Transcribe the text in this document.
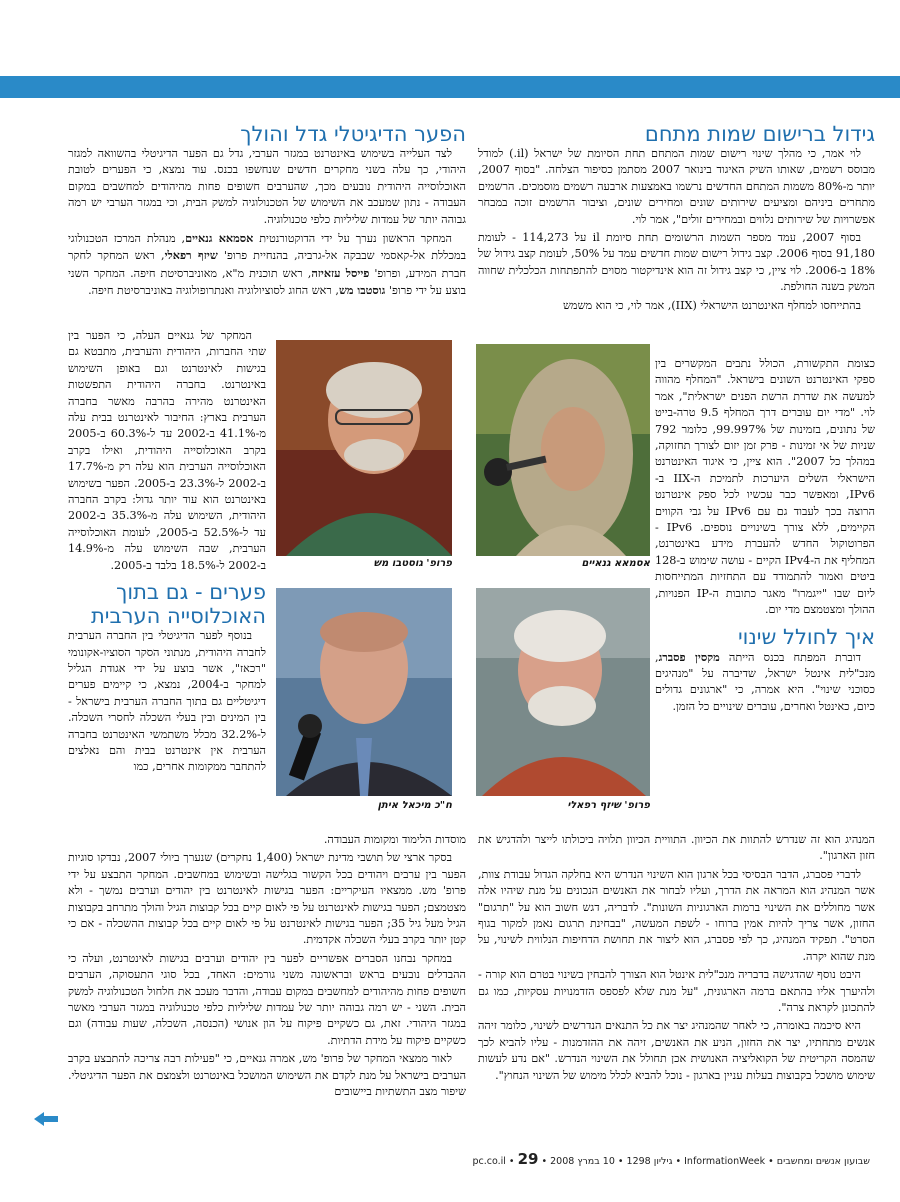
גידול ברישום שמות מתחם

לוי אמר, כי מהלך שינוי רישום שמות המתחם תחת הסיומת של ישראל (il.) למודל מבוסס רשמים, שאותו השיק האיגוד בינואר 2007 מסתמן כסיפור הצלחה. "בסוף 2007, יותר מ-80% משמות המתחם החדשים נרשמו באמצעות ארבעה רשמים מוסמכים. הרשמים מתחרים ביניהם ומציעים שירותים שונים ומחירים שונים, וציבור הרשמים זוכה במבחר אפשרויות של שירותים נלווים ובמחירים זולים", אמר לוי.

בסוף 2007, עמד מספר השמות הרשומים תחת סיומת il על 114,273 - לעומת 91,180 בסוף 2006. קצב גידול רישום שמות חדשים עמד על 50%, לעומת קצב גידול של 18% ב-2006. לוי ציין, כי קצב גידול זה הוא אינדיקטור מסוים להתפתחות הכלכלית שחווה המשק בשנה החולפת.

בהתייחסו למחלף האינטרנט הישראלי (IIX), אמר לוי, כי הוא משמש

כצומת התקשורת, הכולל נתבים המקשרים בין ספקי האינטרנט השונים בישראל. "המחלף מהווה למעשה את שדרת הרשת הפנים ישראלית", אמר לוי. "מדי יום עוברים דרך המחלף 9.5 טרה-בייט של נתונים, בזמינות של 99.997%, כלומר 792 שניות של אי זמינות - פרק זמן יזום לצורך תחזוקה, במהלך כל 2007". הוא ציין, כי איגוד האינטרנט הישראלי השלים היערכות לתמיכת ה-IIX ב-IPv6, ומאפשר כבר עכשיו לכל ספק אינטרנט הרוצה בכך לעבוד גם עם IPv6 על גבי הקווים הקיימים, ללא צורך בשינויים נוספים. IPv6 - הפרוטוקול החדש להעברת מידע באינטרנט, המחליף את ה-IPv4 הקיים - עושה שימוש ב-128 ביטים ואמור להתמודד עם התחזיות המתייחסות ליום שבו "ייגמרו" מאגר כתובות ה-IP הפנויות, ההולך ומצטמצם מדי יום.

איך לחולל שינוי

דוברת המפתח בכנס הייתה מקסין פסברג, מנכ"לית אינטל ישראל, שדיברה על "מנהיגים כסוכני שינוי". היא אמרה, כי "ארגונים גדולים כיום, כאינטל ואחרים, עוברים שינויים כל הזמן.

המנהיג הוא זה שנדרש להתוות את הכיוון. התוויית הכיוון תלויה ביכולתו לייצר ולהדגיש את חזון הארגון".

לדברי פסברג, הדבר הבסיסי בכל ארגון הוא השינוי הנדרש היא בחלקה הגדול עבודת צוות, אשר המנהיג הוא המראה את הדרך, ועליו לבחור את האנשים הנכונים על מנת שיהיו אלה אשר מחוללים את השינוי ברמות הארגוניות השונות". לדבריה, דגש חשוב הוא על "תרגום" החזון, אשר צריך להיות אמין ברוחו - לשפת המעשה, "בבחינת תרגום נאמן למקור בגוף הסרט". תפקיד המנהיג, כך לפי פסברג, הוא ליצור את תחושת הדחיפות הנלווית לשינוי, על מנת שהוא יקרה.

היבט נוסף שהדגישה בדבריה מנכ"לית אינטל הוא הצורך להבחין בשינוי בטרם הוא קורה - ולהיערך אליו בהתאם ברמה הארגונית, "על מנת שלא לפספס הזדמנויות עסקיות, כמו גם להתכונן לקראת צרה".

היא סיכמה באומרה, כי לאחר שהמנהיג יצר את כל התנאים הנדרשים לשינוי, כלומר זיהה אנשים מתחתיו, יצר את החזון, הניע את האנשים, זיהה את ההזדמנות - עליו להביא לכך שהמסה הקריטית של הקואליציה האנושית אכן תחולל את השינוי הנדרש. "אם נדע לעשות שימוש מושכל בקבוצות בעלות עניין בארגון - נוכל להביא לכלל מימוש של השינוי הנחוץ".

הפער הדיגיטלי גדל והולך

לצד העלייה בשימוש באינטרנט במגזר הערבי, גדל גם הפער הדיגיטלי בהשוואה למגזר היהודי, כך עלה בשני מחקרים חדשים שנחשפו בכנס. עוד נמצא, כי הפערים לטובת האוכלוסייה היהודית נובעים מכך, שהערבים חשופים פחות מהיהודים למחשבים במקום העבודה - נתון שמעכב את השימוש של הטכנולוגיה למשק הבית, וכי במגזר הערבי יש רמה גבוהה יותר של עמדות שליליות כלפי טכנולוגיה.

המחקר הראשון נערך על ידי הדוקטורנטית אסמאא גנאיים, מנהלת המרכז הטכנולוגי במכללת אל-קאסמי שבבקה אל-גרביה, בהנחיית פרופ' שיזף רפאלי, ראש המחקר לחקר חברת המידע, ופרופ' פייסל עזאיזה, ראש תוכנית מ"א, מאוניברסיטת חיפה. המחקר השני בוצע על ידי פרופ' גוסטבו מש, ראש החוג לסוציולוגיה ואנתרופולוגיה באוניברסיטת חיפה.

המחקר של גנאיים העלה, כי הפער בין שתי החברות, היהודית והערבית, מתבטא גם בגישות לאינטרנט וגם באופן השימוש באינטרנט. בחברה היהודית התפשטות האינטרנט מהירה בהרבה מאשר בחברה הערבית בארץ: החיבור לאינטרנט בבית עלה מ-41.1% ב-2002 עד ל-60.3% ב-2005 בקרב האוכלוסייה היהודית, ואילו בקרב האוכלוסייה הערבית הוא עלה רק מ-17.7% ב-2002 ל-23.3% ב-2005. הפער בשימוש באינטרנט הוא עוד יותר גדול: בקרב החברה היהודית, השימוש עלה מ-35.3% ב-2002 עד ל-52.5% ב-2005, לעומת האוכלוסייה הערבית, שבה השימוש עלה מ-14.9% ב-2002 ל-18.5% בלבד ב-2005.

פערים - גם בתוך האוכלוסייה הערבית

בנוסף לפער הדיגיטלי בין החברה הערבית לחברה היהודית, מנתוני הסקר הסוציו-אקונומי "רכאז", אשר בוצע על ידי אגודת הגליל למחקר ב-2004, נמצא, כי קיימים פערים דיגיטליים גם בתוך החברה הערבית בישראל - בין המינים ובין בעלי השכלה לחסרי השכלה. ל-32.2% מכלל משתמשי האינטרנט בחברה הערבית אין אינטרנט בבית והם נאלצים להתחבר ממקומות אחרים, כמו

מוסדות הלימוד ומקומות העבודה.

בסקר ארצי של תושבי מדינת ישראל (1,400 נחקרים) שנערך ביולי 2007, נבדקו סוגיות הפער בין ערבים ויהודים בכל הקשור בגלישה ובשימוש במחשבים. המחקר התבצע על ידי פרופ' מש. ממצאיו העיקריים: הפער בגישות לאינטרנט בין יהודים וערבים נמשך - ולא מצטמצם; הפער בגישות לאינטרנט על פי לאום קיים בכל קבוצות הגיל והולך מתרחב בקבוצות הגיל מעל גיל 35; הפער בגישות לאינטרנט על פי לאום קיים בכל קבוצות ההשכלה - אם כי קטן יותר בקרב בעלי השכלה אקדמית.

במחקר נבחנו הסברים אפשריים לפער בין יהודים וערבים בגישות לאינטרנט, ועלה כי ההבדלים נובעים בראש ובראשונה משני גורמים: האחד, בכל סוגי התעסוקה, הערבים חשופים פחות מהיהודים למחשבים במקום עבודה, והדבר מעכב את חלחול הטכנולוגיה למשק הבית. השני - יש רמה גבוהה יותר של עמדות שליליות כלפי טכנולוגיה במגזר הערבי מאשר במגזר היהודי. זאת, גם כשקיים פיקוח על הון אנושי (הכנסה, השכלה, שעות עבודה) וגם כשקיים פיקוח על מידת הדתיות.

לאור ממצאי המחקר של פרופ' מש, אמרה גנאיים, כי "פעילות רבה צריכה להתבצע בקרב הערבים בישראל על מנת לקדם את השימוש המושכל באינטרנט ולצמצם את הפער הדיגיטלי. שיפור מצב התשתיות ביישובים

אסמאא גנאיים
פרופ' גוסטבו מש
פרופ' שיזף רפאלי
ח"כ מיכאל איתן
שבועון אנשים ומחשבים • InformationWeek • גיליון 1298 • 10 במרץ 2008 • pc.co.il • 29
